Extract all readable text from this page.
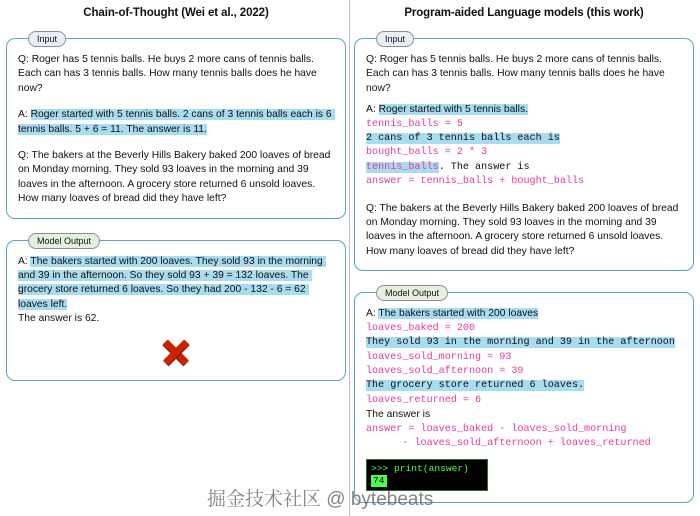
Chain-of-Thought (Wei et al., 2022)
Input
Q: Roger has 5 tennis balls. He buys 2 more cans of tennis balls. Each can has 3 tennis balls. How many tennis balls does he have now?
A: Roger started with 5 tennis balls. 2 cans of 3 tennis balls each is 6 tennis balls. 5 + 6 = 11. The answer is 11.
Q: The bakers at the Beverly Hills Bakery baked 200 loaves of bread on Monday morning. They sold 93 loaves in the morning and 39 loaves in the afternoon. A grocery store returned 6 unsold loaves. How many loaves of bread did they have left?
Model Output
A: The bakers started with 200 loaves. They sold 93 in the morning and 39 in the afternoon. So they sold 93 + 39 = 132 loaves. The grocery store returned 6 loaves. So they had 200 - 132 - 6 = 62 loaves left.
The answer is 62.
Program-aided Language models (this work)
Input
Q: Roger has 5 tennis balls. He buys 2 more cans of tennis balls. Each can has 3 tennis balls. How many tennis balls does he have now?
A: Roger started with 5 tennis balls.
tennis_balls = 5
2 cans of 3 tennis balls each is
bought_balls = 2 * 3
tennis_balls. The answer is
answer = tennis_balls + bought_balls
Q: The bakers at the Beverly Hills Bakery baked 200 loaves of bread on Monday morning. They sold 93 loaves in the morning and 39 loaves in the afternoon. A grocery store returned 6 unsold loaves. How many loaves of bread did they have left?
Model Output
A: The bakers started with 200 loaves
loaves_baked = 200
They sold 93 in the morning and 39 in the afternoon
loaves_sold_morning = 93
loaves_sold_afternoon = 39
The grocery store returned 6 loaves.
loaves_returned = 6
The answer is
answer = loaves_baked - loaves_sold_morning
- loaves_sold_afternoon + loaves_returned
>>> print(answer)
74
掘金技术社区 @ bytebeats
